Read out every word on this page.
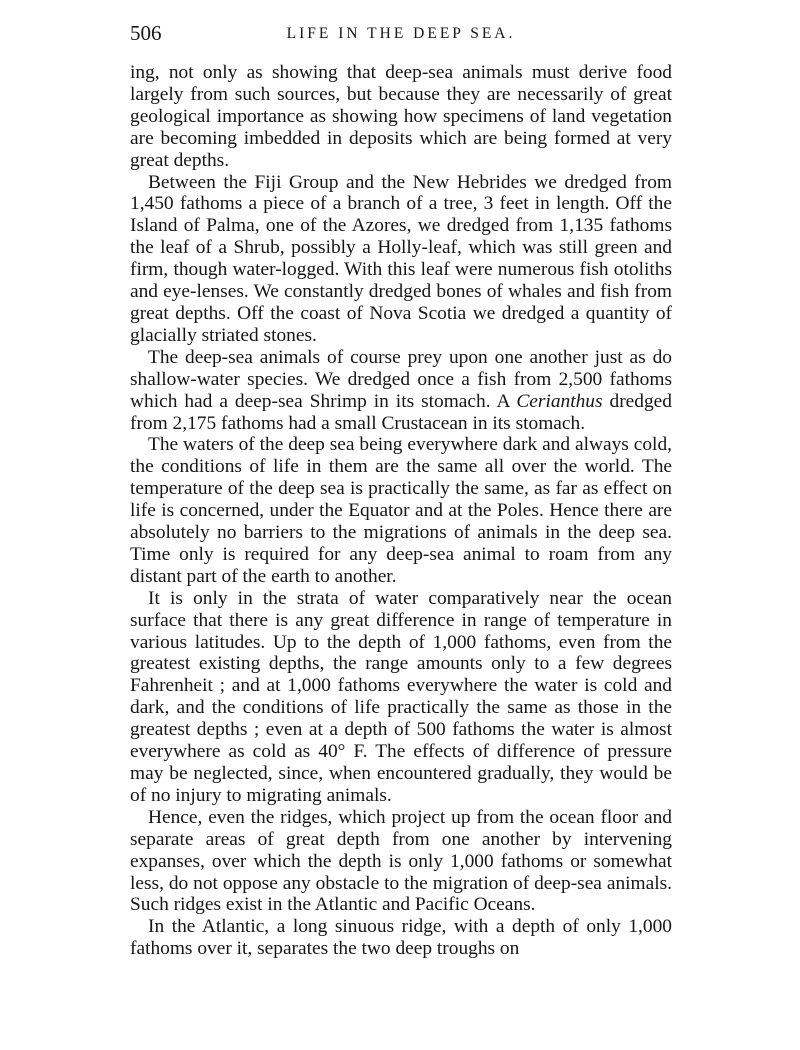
506	LIFE IN THE DEEP SEA.

ing, not only as showing that deep-sea animals must derive food largely from such sources, but because they are necessarily of great geological importance as showing how specimens of land vegetation are becoming imbedded in deposits which are being formed at very great depths.

Between the Fiji Group and the New Hebrides we dredged from 1,450 fathoms a piece of a branch of a tree, 3 feet in length. Off the Island of Palma, one of the Azores, we dredged from 1,135 fathoms the leaf of a Shrub, possibly a Holly-leaf, which was still green and firm, though water-logged. With this leaf were numerous fish otoliths and eye-lenses. We constantly dredged bones of whales and fish from great depths. Off the coast of Nova Scotia we dredged a quantity of glacially striated stones.

The deep-sea animals of course prey upon one another just as do shallow-water species. We dredged once a fish from 2,500 fathoms which had a deep-sea Shrimp in its stomach. A Cerianthus dredged from 2,175 fathoms had a small Crustacean in its stomach.

The waters of the deep sea being everywhere dark and always cold, the conditions of life in them are the same all over the world. The temperature of the deep sea is practically the same, as far as effect on life is concerned, under the Equator and at the Poles. Hence there are absolutely no barriers to the migrations of animals in the deep sea. Time only is required for any deep-sea animal to roam from any distant part of the earth to another.

It is only in the strata of water comparatively near the ocean surface that there is any great difference in range of temperature in various latitudes. Up to the depth of 1,000 fathoms, even from the greatest existing depths, the range amounts only to a few degrees Fahrenheit ; and at 1,000 fathoms everywhere the water is cold and dark, and the conditions of life practically the same as those in the greatest depths ; even at a depth of 500 fathoms the water is almost everywhere as cold as 40° F. The effects of difference of pressure may be neglected, since, when encountered gradually, they would be of no injury to migrating animals.

Hence, even the ridges, which project up from the ocean floor and separate areas of great depth from one another by intervening expanses, over which the depth is only 1,000 fathoms or somewhat less, do not oppose any obstacle to the migration of deep-sea animals. Such ridges exist in the Atlantic and Pacific Oceans.

In the Atlantic, a long sinuous ridge, with a depth of only 1,000 fathoms over it, separates the two deep troughs on
